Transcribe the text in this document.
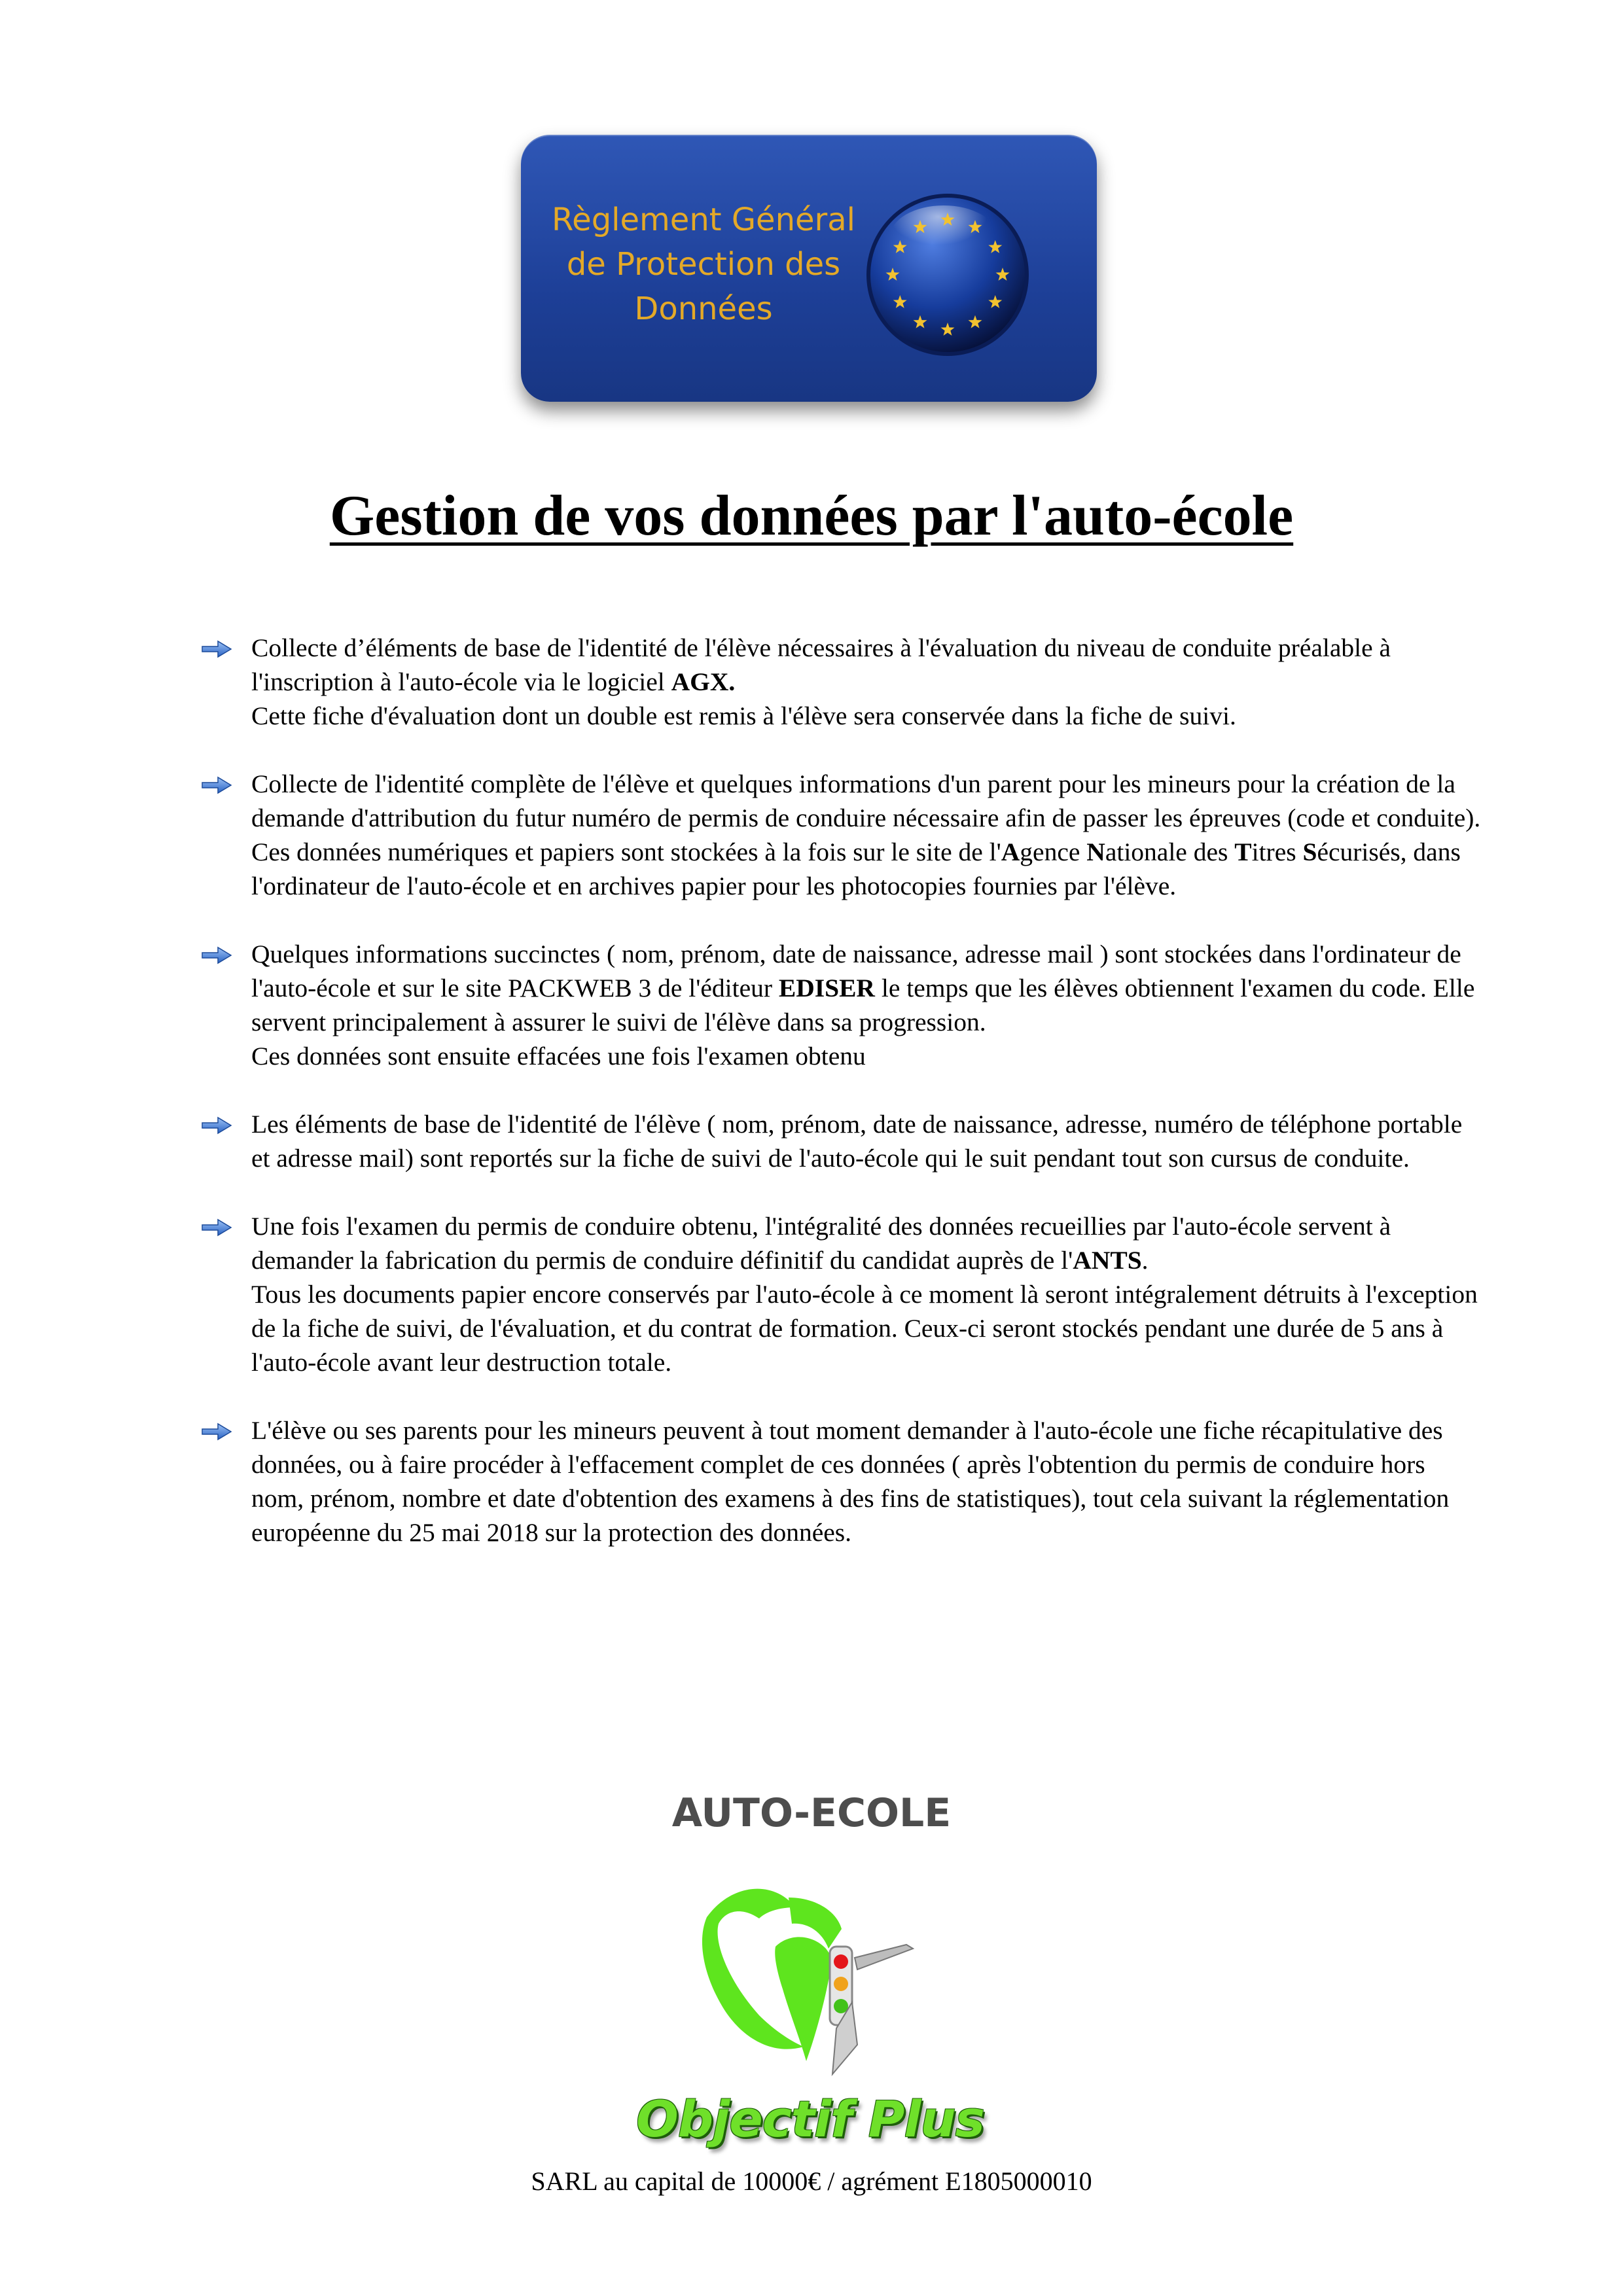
Règlement Général
de Protection des
Données
Gestion de vos données par l'auto-école
Collecte d’éléments de base de l'identité de l'élève nécessaires à l'évaluation du niveau de conduite préalable à l'inscription à l'auto-école via le logiciel AGX.
Cette fiche d'évaluation dont un double est remis à l'élève sera conservée dans la fiche de suivi.
Collecte de l'identité complète de l'élève et quelques informations d'un parent pour les mineurs pour la création de la demande d'attribution du futur numéro de permis de conduire nécessaire afin de passer les épreuves (code et conduite).
Ces données numériques et papiers sont stockées à la fois sur le site de l'Agence Nationale des Titres Sécurisés, dans l'ordinateur de l'auto-école et en archives papier pour les photocopies fournies par l'élève.
Quelques informations succinctes ( nom, prénom, date de naissance, adresse mail ) sont stockées dans l'ordinateur de l'auto-école et sur le site PACKWEB 3 de l'éditeur EDISER le temps que les élèves obtiennent l'examen du code. Elle servent principalement à assurer le suivi de l'élève dans sa progression.
Ces données sont ensuite effacées une fois l'examen obtenu
Les éléments de base de l'identité de l'élève ( nom, prénom, date de naissance, adresse, numéro de téléphone portable et adresse mail) sont reportés sur la fiche de suivi de l'auto-école qui le suit pendant tout son cursus de conduite.
Une fois l'examen du permis de conduire obtenu, l'intégralité des données recueillies par l'auto-école servent à demander la fabrication du permis de conduire définitif du candidat auprès de l'ANTS.
Tous les documents papier encore conservés par l'auto-école à ce moment là seront intégralement détruits à l'exception de la fiche de suivi, de l'évaluation, et du contrat de formation. Ceux-ci seront stockés pendant une durée de 5 ans à l'auto-école avant leur destruction totale.
L'élève ou ses parents pour les mineurs peuvent à tout moment demander à l'auto-école une fiche récapitulative des données, ou à faire procéder à l'effacement complet de ces données ( après l'obtention du permis de conduire hors nom, prénom, nombre et date d'obtention des examens à des fins de statistiques), tout cela suivant la réglementation européenne du 25 mai 2018 sur la protection des données.
AUTO-ECOLE
Objectif Plus
SARL au capital de 10000€ / agrément E1805000010
